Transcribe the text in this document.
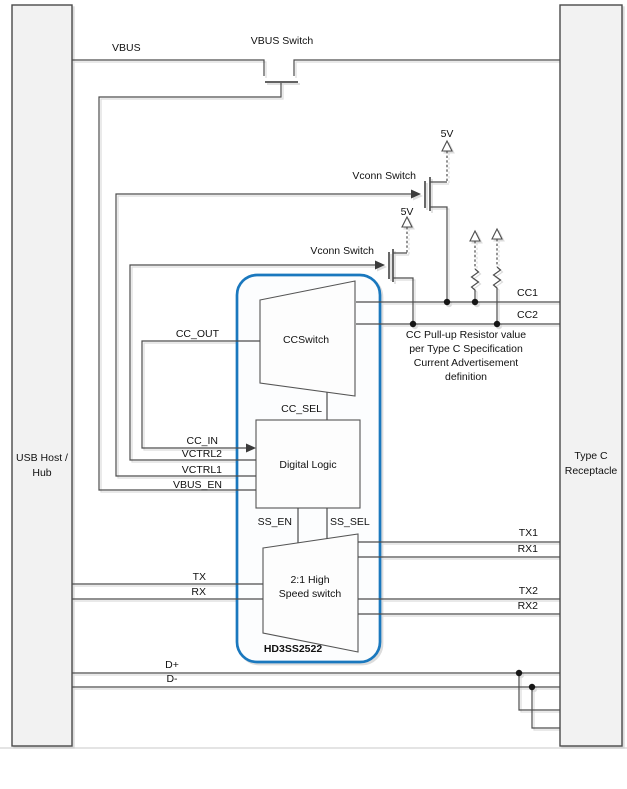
VBUS
VBUS Switch
Vconn Switch
5V
Vconn Switch
5V
CC1
CC2
CC Pull-up Resistor value
per Type C Specification
Current Advertisement
definition
CC_OUT
CC_IN
VCTRL2
VCTRL1
VBUS_EN
CC_SEL
CCSwitch
Digital Logic
SS_EN	SS_SEL
2:1 High
Speed switch
HD3SS2522
TX
RX
TX1
RX1
TX2
RX2
D+
D-
USB Host /
Hub
Type C
Receptacle
